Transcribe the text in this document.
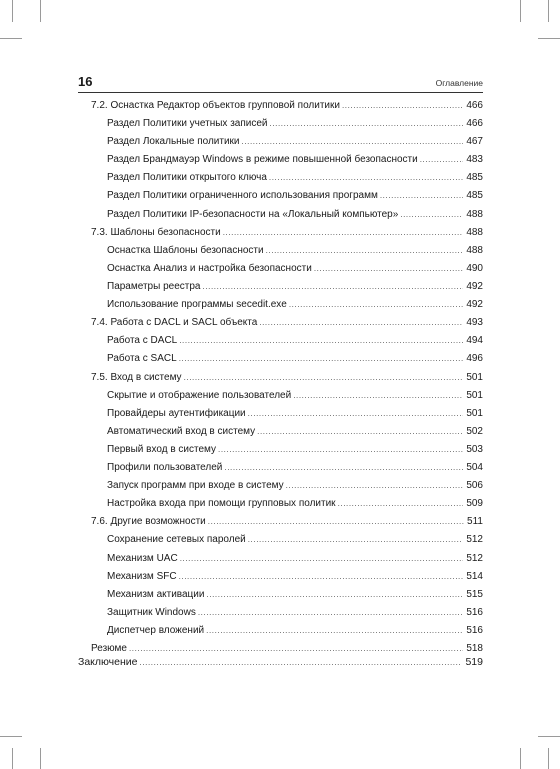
16	Оглавление
7.2. Оснастка Редактор объектов групповой политики .....	466
Раздел Политики учетных записей .....	466
Раздел Локальные политики .....	467
Раздел Брандмауэр Windows в режиме повышенной безопасности .....	483
Раздел Политики открытого ключа .....	485
Раздел Политики ограниченного использования программ .....	485
Раздел Политики IP-безопасности на «Локальный компьютер» .....	488
7.3. Шаблоны безопасности .....	488
Оснастка Шаблоны безопасности .....	488
Оснастка Анализ и настройка безопасности .....	490
Параметры реестра .....	492
Использование программы secedit.exe .....	492
7.4. Работа с DACL и SACL объекта .....	493
Работа с DACL .....	494
Работа с SACL .....	496
7.5. Вход в систему .....	501
Скрытие и отображение пользователей .....	501
Провайдеры аутентификации .....	501
Автоматический вход в систему .....	502
Первый вход в систему .....	503
Профили пользователей .....	504
Запуск программ при входе в систему .....	506
Настройка входа при помощи групповых политик .....	509
7.6. Другие возможности .....	511
Сохранение сетевых паролей .....	512
Механизм UAC .....	512
Механизм SFC .....	514
Механизм активации .....	515
Защитник Windows .....	516
Диспетчер вложений .....	516
Резюме .....	518
Заключение .....	519
